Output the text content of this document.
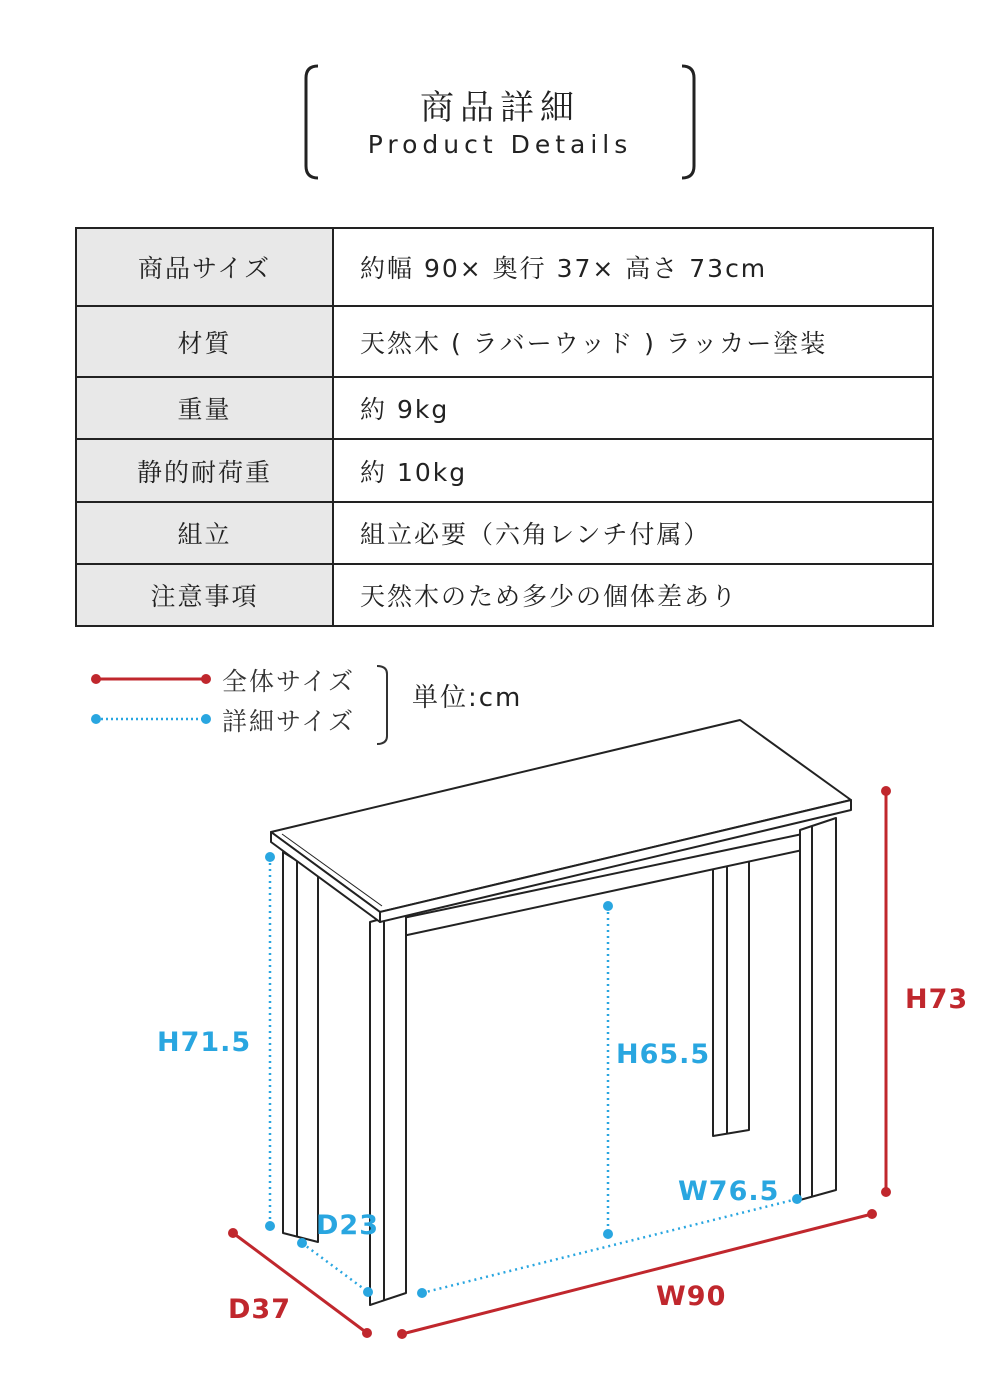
商品詳細
Product Details
商品サイズ	約幅 90× 奥行 37× 高さ 73cm
材質	天然木 ( ラバーウッド ) ラッカー塗装
重量	約 9kg
静的耐荷重	約 10kg
組立	組立必要（六角レンチ付属）
注意事項	天然木のため多少の個体差あり
全体サイズ
詳細サイズ
単位:cm
H71.5	H65.5
W76.5
D23
H73
W90
D37
